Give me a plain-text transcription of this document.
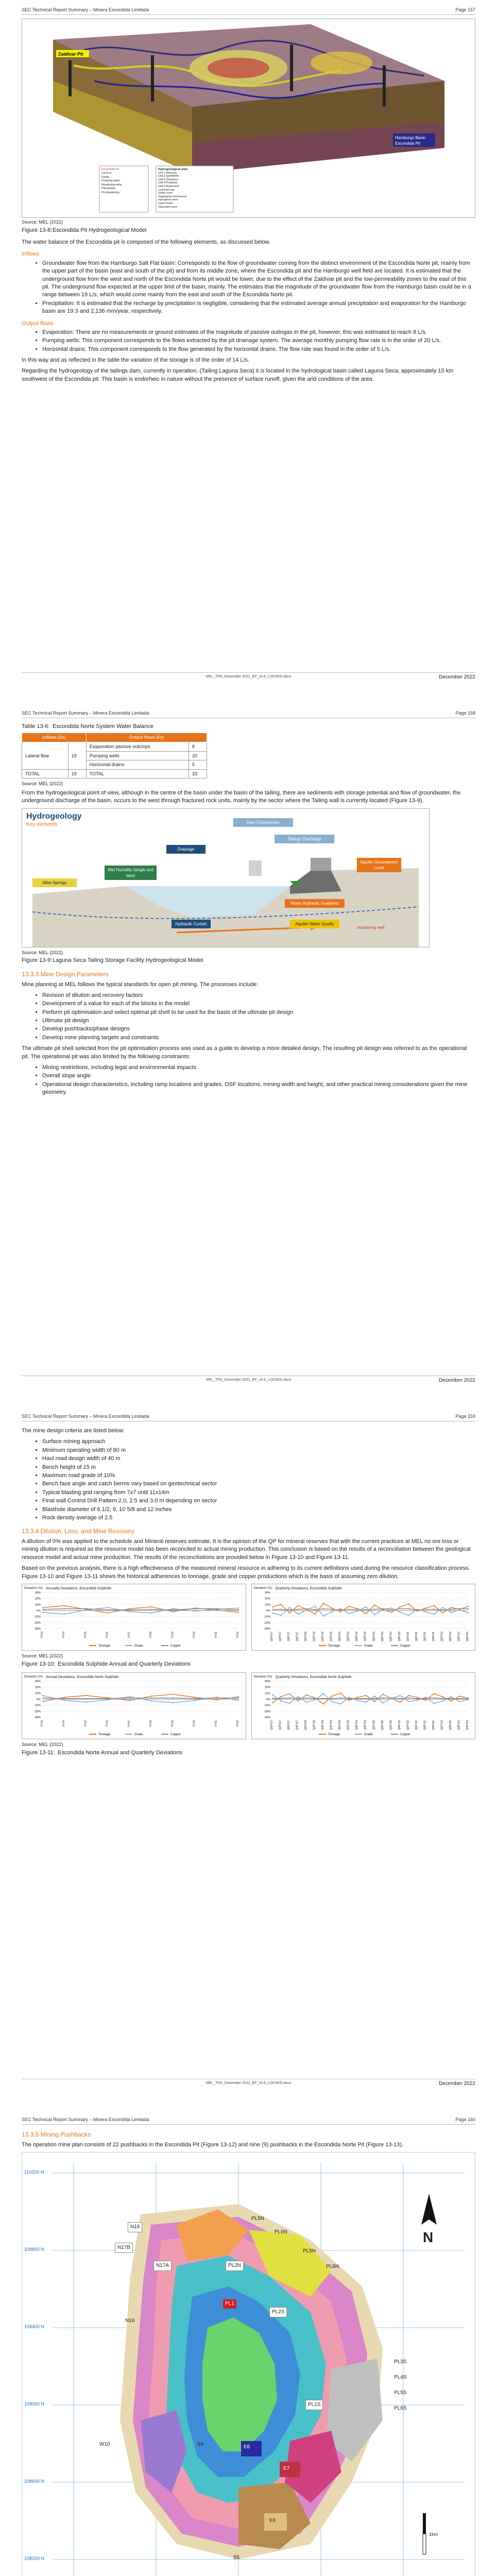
SEC Technical Report Summary – Minera Escondida Limitada	Page 157
Zaldívar Pit
Hamburgo Basin
Escondida Pit
Escondida Pit
Zaldívar
Faults
Pumping wells
Monitoring wells
Piezometer
Pit dewatering
Hydrogeological units
Unit 1 Alluvium
Unit 2 Ignimbrite
Unit 3 Volcanics
Unit 4 Porphyry
Unit 5 Basement
Leached cap
Oxide zone
Supergene enrichment
Hypogene zone
Fault zones
Saturated zone
Source: MEL (2022)
Figure 13-8:Escondida Pit Hydrogeological Model

The water balance of the Escondida pit is composed of the following elements, as discussed below.

Inflows
• Groundwater flow from the Hamburgo Salt Flat basin: Corresponds to the flow of groundwater coming from the distinct environment of the Escondida Norte pit, mainly from the upper part of the basin (east and south of the pit) and from its middle zone, where the Escondida pit and the Hamburgo well field are located. It is estimated that the underground flow from the west and north of the Escondida Norte pit would be lower, due to the effect of the Zaldívar pit and the low-permeability zones to the east of this pit. The underground flow expected at the upper limit of the basin, mainly. The estimates that the magnitude of the groundwater flow from the Hamburgo basin could be in a range between 19 L/s, which would come mainly from the east and south of the Escondida Norte pit.
• Precipitation: It is estimated that the recharge by precipitation is negligible, considering that the estimated average annual precipitation and evaporation for the Hamburgo basin are 19.3 and 2,136 mm/year, respectively.
Output flows
• Evaporation: There are no measurements or ground estimates of the magnitude of passive outingas in the pit, however, this was estimated to reach 8 L/s.
• Pumping wells: This component corresponds to the flows extracted by the pit drainage system. The average monthly pumping flow rate is in the order of 20 L/s.
• Horizontal drains: This component corresponds to the flow generated by the horizontal drains. The flow rate was found in the order of 5 L/s.

In this way and as reflected in the table the variation of the storage is of the order of 14 L/s.

Regarding the hydrogeology of the tailings dam, currently in operation, (Tailing Laguna Seca) it is located in the hydrological basin called Laguna Seca, approximately 15 km southwest of the Escondida pit. This basin is endorheic in nature without the presence of surface runoff, given the arid conditions of the area.

MEL_TRS_December 2022_EP_v0.8_LOCKED.docx	December 2022
SEC Technical Report Summary – Minera Escondida Limitada	Page 158
Table 13-6: Escondida Norte System Water Balance
Inflows (l/s)		Output flows (l/s)	
Lateral flow	19	Evaporation passive outcrops	8
		Pumping wells	20
		Horizontal drains	5
TOTAL	19	TOTAL	33
Source: MEL (2022)

From the hydrogeological point of view, although in the centre of the basin under the basin of the tailing, there are sediments with storage potential and flow of groundwater, the underground discharge of the basin, occurs to the west through fractured rock units, mainly by the sector where the Tailing wall is currently located (Figure 13-9).

Hydrogeology
Key elements	Dam Construction
Tailings Discharge
Drainage
Wet Humidity (single and tape)
Mine Springs
Aquifer Groundwater Level
Flows Hydraulic Gradients
Hydraulic Curtain	Aquifer Water Quality
monitoring well
Source: MEL (2022)
Figure 13-9:Laguna Seca Tailing Storage Facility Hydrogeological Model
13.3.3 Mine Design Parameters

Mine planning at MEL follows the typical standards for open pit mining. The processes include:

• Revision of dilution and recovery factors
• Development of a value for each of the blocks in the model
• Perform pit optimisation and select optimal pit shell to be used for the basis of the ultimate pit design
• Ultimate pit design
• Develop pushbacks/phase designs
• Develop mine planning targets and constraints

The ultimate pit shell selected from the pit optimisation process was used as a guide to develop a more detailed design. The resulting pit design was referred to as the operational pit. The operational pit was also limited by the following constraints:

• Mining restrictions, including legal and environmental impacts
• Overall slope angle
• Operational design characteristics, including ramp locations and grades, OSF locations, mining width and height, and other practical mining considerations given the mine geometry.
MEL_TRS_December 2022_EP_v0.8_LOCKED.docx	December 2022
SEC Technical Report Summary – Minera Escondida Limitada	Page 159

The mine design criteria are listed below:

• Surface mining approach
• Minimum operating width of 80 m
• Haul road design width of 40 m
• Bench height of 15 m
• Maximum road grade of 10%
• Bench face angle and catch berms vary based on geotechnical sector
• Typical blasting grid ranging from 7x7 until 11x14m
• Final wall Control Drill Pattern 2.0, 2.5 and 3.0 m depending on sector
• Blasthole diameter of 6.1/2, 9, 10 5/8 and 12 inches
• Rock density average of 2.5
13.3.4 Dilution, Loss, and Mine Recovery

A dilution of 0% was applied to the schedule and Mineral reserves estimate. It is the opinion of the QP for mineral reserves that with the current practices at MEL no ore loss or mining dilution is required as the resource model has been reconciled to actual mining production. This conclusion is based on the results of a reconciliation between the geological resource model and actual mine production. The results of the reconciliations are provided below in Figure 13-10 and Figure 13-11.

Based on the previous analysis, there is a high effectiveness of the measured mineral resource in adhering to its current definitions used during the resource classification process. Figure 13-10 and Figure 13-11 shows the historical adherences to tonnage, grade and copper productions which is the basis of assuming zero dilution.

Deviation (%) Annually Deviations, Escondida Sulphide
-30%
-20%
-10%
0%
10%
20%
30%
FY13	FY14	FY15	FY16	FY17	FY18	FY19	FY20	FY21	FY22
Tonnage	Grade	Copper
Deviation (%) Quarterly Deviations, Escondida Sulphide
-30%
-20%
-10%
0%
10%
20%
30%
Q1FY17 Q2FY17 Q3FY17 Q4FY17 Q1FY18 Q2FY18 Q3FY18 Q4FY18 Q1FY19 Q2FY19 Q3FY19 Q4FY19 Q1FY20 Q2FY20 Q3FY20 Q4FY20 Q1FY21 Q2FY21 Q3FY21 Q4FY21 Q1FY22 Q2FY22 Q3FY22 Q4FY22
Tonnage	Grade	Copper
Source: MEL (2022)
Figure 13-10: Escondida Sulphide Annual and Quarterly Deviations
Deviation (%) Annual Deviations, Escondida Norte Sulphide
-30%
-20%
-10%
0%
10%
20%
30%
FY13	FY14	FY15	FY16	FY17	FY18	FY19	FY20	FY21	FY22
Tonnage	Grade	Copper
Deviation (%) Quarterly Deviations, Escondida Norte Sulphide
-30%
-20%
-10%
0%
10%
20%
30%
Q1FY17 Q2FY17 Q3FY17 Q4FY17 Q1FY18 Q2FY18 Q3FY18 Q4FY18 Q1FY19 Q2FY19 Q3FY19 Q4FY19 Q1FY20 Q2FY20 Q3FY20 Q4FY20 Q1FY21 Q2FY21 Q3FY21 Q4FY21 Q1FY22 Q2FY22 Q3FY22 Q4FY22
Tonnage	Grade	Copper
Source: MEL (2022)
Figure 13-11: Escondida Norte Annual and Quarterly Deviations
MEL_TRS_December 2022_EP_v0.8_LOCKED.docx	December 2022
SEC Technical Report Summary – Minera Escondida Limitada	Page 160
13.3.5 Mining Pushbacks

The operation mine plan consists of 22 pushbacks in the Escondida Pit (Figure 13-12) and nine (9) pushbacks in the Escondida Norte Pit (Figure 13-13).

110200 N
109800 N
109400 N
109000 N
108600 N
108200 N
N
1km
N18
N17B
N17A
PL5N
PL6N
PL5N
PL6N
PL2N
PL1
PL2S
N16
E6
PL3S
PL4S
PL5S
PL6S
PL1S
W10	S4
E7
E8
S5
